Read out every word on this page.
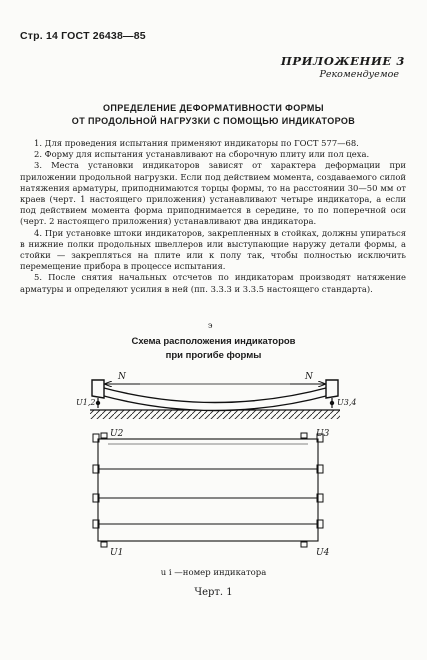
Стр. 14 ГОСТ 26438—85
ПРИЛОЖЕНИЕ 3
Рекомендуемое
ОПРЕДЕЛЕНИЕ ДЕФОРМАТИВНОСТИ ФОРМЫ
ОТ ПРОДОЛЬНОЙ НАГРУЗКИ С ПОМОЩЬЮ ИНДИКАТОРОВ

1. Для проведения испытания применяют индикаторы по ГОСТ 577—68.

2. Форму для испытания устанавливают на сборочную плиту или пол цеха.

3. Места установки индикаторов зависят от характера деформации при приложении продольной нагрузки. Если под действием момента, создаваемого силой натяжения арматуры, приподнимаются торцы формы, то на расстоянии 30—50 мм от краев (черт. 1 настоящего приложения) устанавливают четыре индикатора, а если под действием момента форма приподнимается в середине, то по поперечной оси (черт. 2 настоящего приложения) устанавливают два индикатора.

4. При установке штоки индикаторов, закрепленных в стойках, должны упираться в нижние полки продольных швеллеров или выступающие наружу детали формы, а стойки — закрепляться на плите или к полу так, чтобы полностью исключить перемещение прибора в процессе испытания.

5. После снятия начальных отсчетов по индикаторам производят натяжение арматуры и определяют усилия в ней (пп. 3.3.3 и 3.3.5 настоящего стандарта).

э
Схема расположения индикаторов
при прогибе формы
N	N
U1,2	U3,4
U2	U3
U1	U4
u i —номер индикатора
Черт. 1
